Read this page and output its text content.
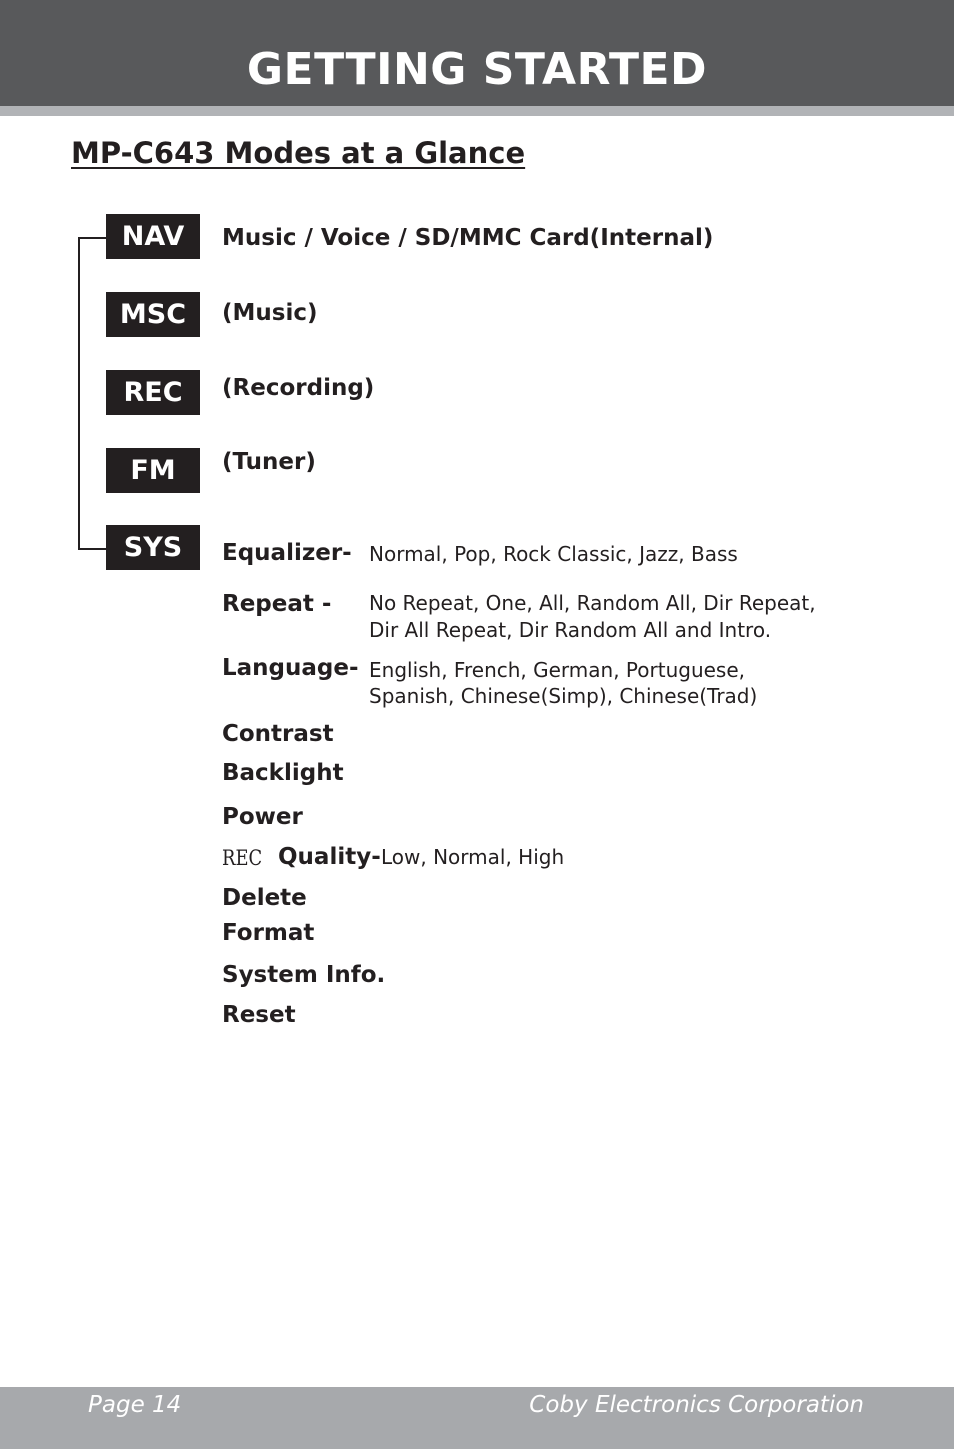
GETTING STARTED
MP-C643 Modes at a Glance
NAV
MSC
REC
FM
SYS
Music / Voice / SD/MMC Card(Internal)
(Music)
(Recording)
(Tuner)
Equalizer- Normal, Pop, Rock Classic, Jazz, Bass
Repeat - No Repeat, One, All, Random All, Dir Repeat,
Dir All Repeat, Dir Random All and Intro.
Language- English, French, German, Portuguese,
Spanish, Chinese(Simp), Chinese(Trad)
Contrast
Backlight
Power
REC Quality- Low, Normal, High
Delete
Format
System Info.
Reset
Page 14	Coby Electronics Corporation
